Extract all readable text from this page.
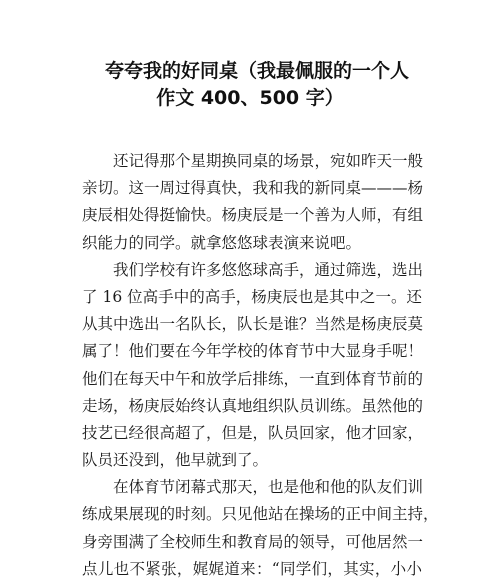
夸夸我的好同桌（我最佩服的一个人
作文 400、500 字）

还记得那个星期换同桌的场景，宛如昨天一般
亲切。这一周过得真快，我和我的新同桌———杨
庚辰相处得挺愉快。杨庚辰是一个善为人师，有组
织能力的同学。就拿悠悠球表演来说吧。

我们学校有许多悠悠球高手，通过筛选，选出
了 16 位高手中的高手，杨庚辰也是其中之一。还
从其中选出一名队长，队长是谁？当然是杨庚辰莫
属了！他们要在今年学校的体育节中大显身手呢！
他们在每天中午和放学后排练，一直到体育节前的
走场，杨庚辰始终认真地组织队员训练。虽然他的
技艺已经很高超了，但是，队员回家，他才回家，
队员还没到，他早就到了。

在体育节闭幕式那天，也是他和他的队友们训
练成果展现的时刻。只见他站在操场的正中间主持，
身旁围满了全校师生和教育局的领导，可他居然一
点儿也不紧张，娓娓道来：“同学们，其实，小小
